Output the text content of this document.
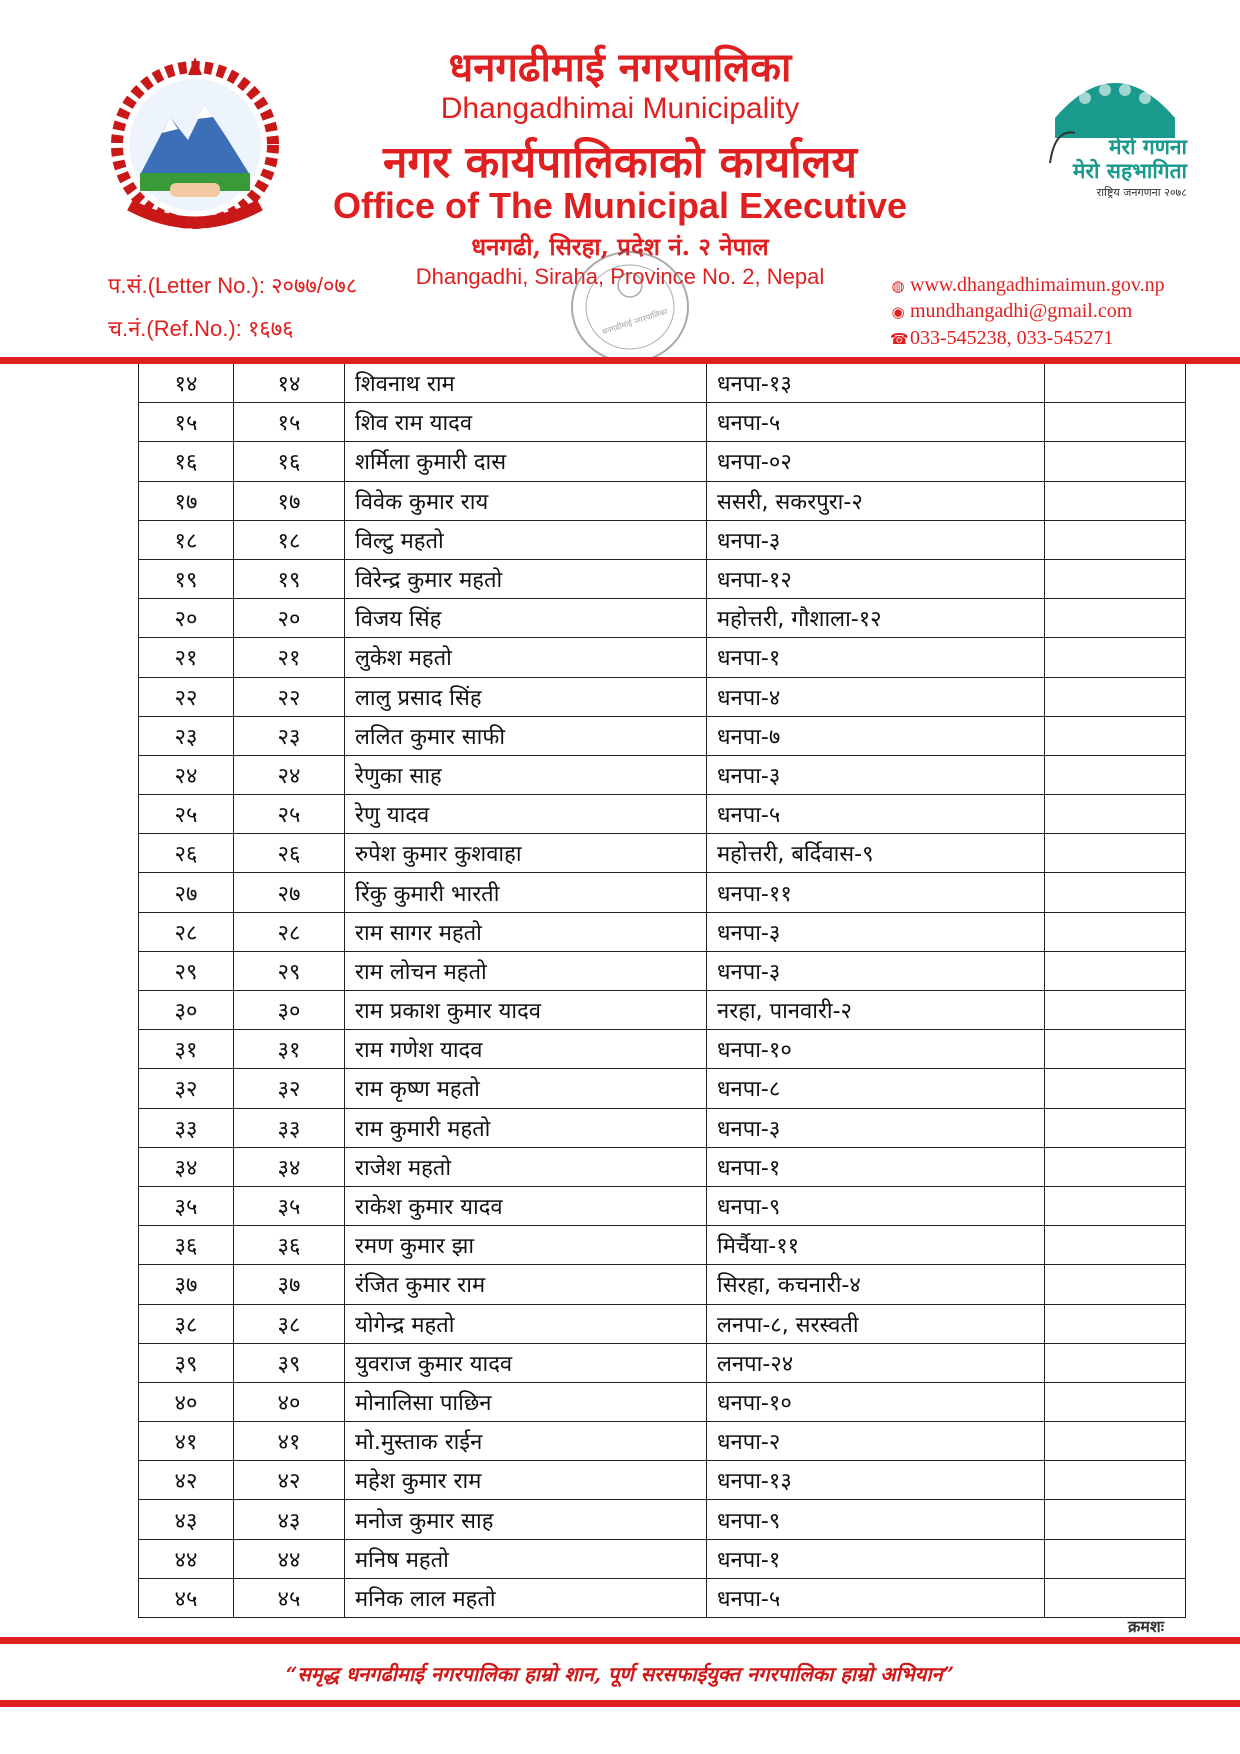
मेरो गणना
मेरो सहभागिता
राष्ट्रिय जनगणना २०७८
धनगढीमाई नगरपालिका
Dhangadhimai Municipality
नगर कार्यपालिकाको कार्यालय
Office of The Municipal Executive
धनगढी, सिरहा, प्रदेश नं. २ नेपाल
Dhangadhi, Siraha, Province No. 2, Nepal
प.सं.(Letter No.): २०७७/०७८
च.नं.(Ref.No.): १६७६
◍ www.dhangadhimaimun.gov.np
◉ mundhangadhi@gmail.com
☎033-545238, 033-545271
धनगढीमाई नगरपालिका
१४	१४	शिवनाथ राम	धनपा-१३	
१५	१५	शिव राम यादव	धनपा-५	
१६	१६	शर्मिला कुमारी दास	धनपा-०२	
१७	१७	विवेक कुमार राय	ससरी, सकरपुरा-२	
१८	१८	विल्टु महतो	धनपा-३	
१९	१९	विरेन्द्र कुमार महतो	धनपा-१२	
२०	२०	विजय सिंह	महोत्तरी, गौशाला-१२	
२१	२१	लुकेश महतो	धनपा-१	
२२	२२	लालु प्रसाद सिंह	धनपा-४	
२३	२३	ललित कुमार साफी	धनपा-७	
२४	२४	रेणुका साह	धनपा-३	
२५	२५	रेणु यादव	धनपा-५	
२६	२६	रुपेश कुमार कुशवाहा	महोत्तरी, बर्दिवास-९	
२७	२७	रिंकु कुमारी भारती	धनपा-११	
२८	२८	राम सागर महतो	धनपा-३	
२९	२९	राम लोचन महतो	धनपा-३	
३०	३०	राम प्रकाश कुमार यादव	नरहा, पानवारी-२	
३१	३१	राम गणेश यादव	धनपा-१०	
३२	३२	राम कृष्ण महतो	धनपा-८	
३३	३३	राम कुमारी महतो	धनपा-३	
३४	३४	राजेश महतो	धनपा-१	
३५	३५	राकेश कुमार यादव	धनपा-९	
३६	३६	रमण कुमार झा	मिर्चैया-११	
३७	३७	रंजित कुमार राम	सिरहा, कचनारी-४	
३८	३८	योगेन्द्र महतो	लनपा-८, सरस्वती	
३९	३९	युवराज कुमार यादव	लनपा-२४	
४०	४०	मोनालिसा पाछिन	धनपा-१०	
४१	४१	मो.मुस्ताक राईन	धनपा-२	
४२	४२	महेश कुमार राम	धनपा-१३	
४३	४३	मनोज कुमार साह	धनपा-९	
४४	४४	मनिष महतो	धनपा-१	
४५	४५	मनिक लाल महतो	धनपा-५	
क्रमशः
“समृद्ध धनगढीमाई नगरपालिका हाम्रो शान, पूर्ण सरसफाईयुक्त नगरपालिका हाम्रो अभियान”
